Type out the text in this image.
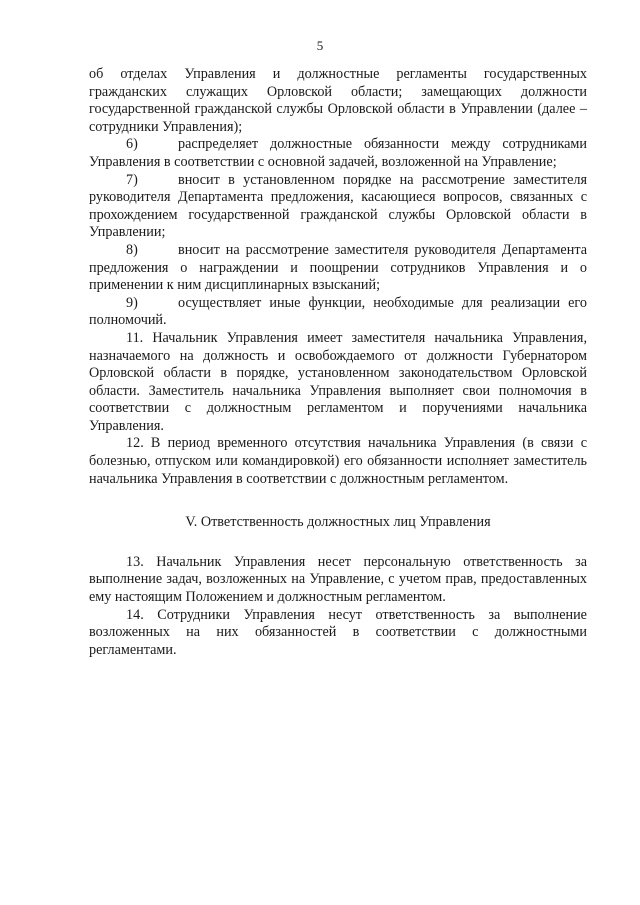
5

об отделах Управления и должностные регламенты государственных гражданских служащих Орловской области; замещающих должности государственной гражданской службы Орловской области в Управлении (далее – сотрудники Управления);

6)	распределяет должностные обязанности между сотрудниками Управления в соответствии с основной задачей, возложенной на Управление;

7)	вносит в установленном порядке на рассмотрение заместителя руководителя Департамента предложения, касающиеся вопросов, связанных с прохождением государственной гражданской службы Орловской области в Управлении;

8)	вносит на рассмотрение заместителя руководителя Департамента предложения о награждении и поощрении сотрудников Управления и о применении к ним дисциплинарных взысканий;

9)	осуществляет иные функции, необходимые для реализации его полномочий.

11. Начальник Управления имеет заместителя начальника Управления, назначаемого на должность и освобождаемого от должности Губернатором Орловской области в порядке, установленном законодательством Орловской области. Заместитель начальника Управления выполняет свои полномочия в соответствии с должностным регламентом и поручениями начальника Управления.

12. В период временного отсутствия начальника Управления (в связи с болезнью, отпуском или командировкой) его обязанности исполняет заместитель начальника Управления в соответствии с должностным регламентом.

V. Ответственность должностных лиц Управления

13. Начальник Управления несет персональную ответственность за выполнение задач, возложенных на Управление, с учетом прав, предоставленных ему настоящим Положением и должностным регламентом.

14. Сотрудники Управления несут ответственность за выполнение возложенных на них обязанностей в соответствии с должностными регламентами.
